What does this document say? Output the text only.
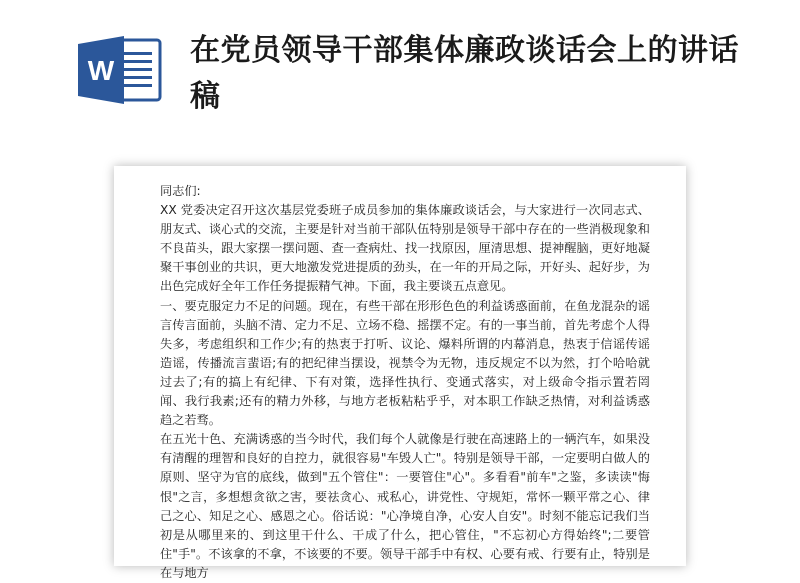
W
在党员领导干部集体廉政谈话会上的讲话稿

同志们:

XX 党委决定召开这次基层党委班子成员参加的集体廉政谈话会，与大家进行一次同志式、朋友式、谈心式的交流，主要是针对当前干部队伍特别是领导干部中存在的一些消极现象和不良苗头，跟大家摆一摆问题、查一查病灶、找一找原因，厘清思想、提神醒脑，更好地凝聚干事创业的共识，更大地激发党进提质的劲头，在一年的开局之际，开好头、起好步，为出色完成好全年工作任务提振精气神。下面，我主要谈五点意见。

一、要克服定力不足的问题。现在，有些干部在形形色色的利益诱惑面前，在鱼龙混杂的谣言传言面前，头脑不清、定力不足、立场不稳、摇摆不定。有的一事当前，首先考虑个人得失多，考虑组织和工作少;有的热衷于打听、议论、爆料所谓的内幕消息，热衷于信谣传谣造谣，传播流言蜚语;有的把纪律当摆设，视禁令为无物，违反规定不以为然，打个哈哈就过去了;有的搞上有纪律、下有对策，选择性执行、变通式落实，对上级命令指示置若罔闻、我行我素;还有的精力外移，与地方老板粘粘乎乎，对本职工作缺乏热情，对利益诱惑趋之若骛。

在五光十色、充满诱惑的当今时代，我们每个人就像是行驶在高速路上的一辆汽车，如果没有清醒的理智和良好的自控力，就很容易"车毁人亡"。特别是领导干部，一定要明白做人的原则、坚守为官的底线，做到"五个管住"：一要管住"心"。多看看"前车"之鉴，多读读"悔恨"之言，多想想贪欲之害，要祛贪心、戒私心，讲党性、守规矩，常怀一颗平常之心、律己之心、知足之心、感恩之心。俗话说："心净境自净，心安人自安"。时刻不能忘记我们当初是从哪里来的、到这里干什么、干成了什么，把心管住，"不忘初心方得始终";二要管住"手"。不该拿的不拿，不该要的不要。领导干部手中有权、心要有戒、行要有止，特别是在与地方
